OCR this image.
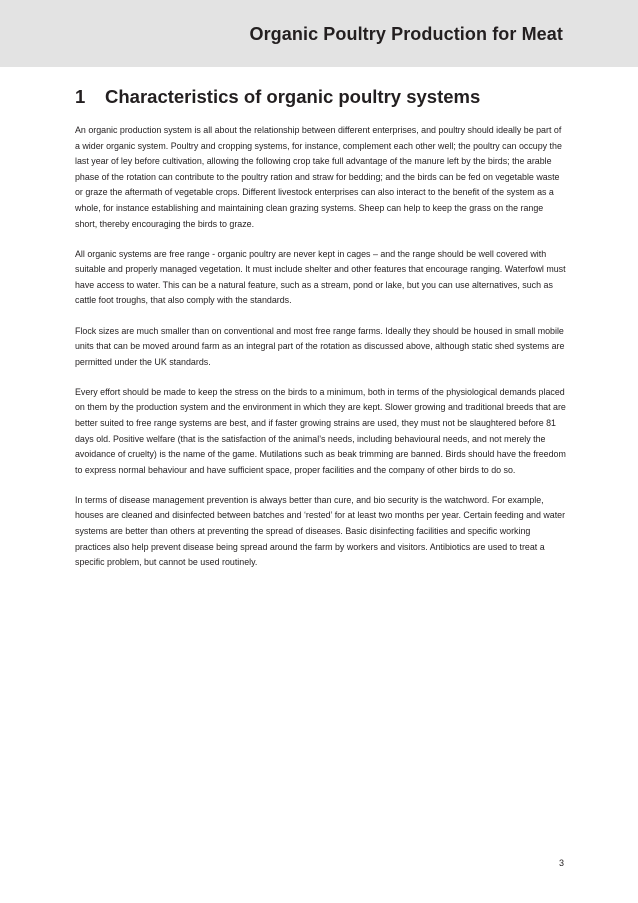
Organic Poultry Production for Meat
1 Characteristics of organic poultry systems

An organic production system is all about the relationship between different enterprises, and poultry should ideally be part of a wider organic system. Poultry and cropping systems, for instance, complement each other well; the poultry can occupy the last year of ley before cultivation, allowing the following crop take full advantage of the manure left by the birds; the arable phase of the rotation can contribute to the poultry ration and straw for bedding; and the birds can be fed on vegetable waste or graze the aftermath of vegetable crops. Different livestock enterprises can also interact to the benefit of the system as a whole, for instance establishing and maintaining clean grazing systems. Sheep can help to keep the grass on the range short, thereby encouraging the birds to graze.

All organic systems are free range - organic poultry are never kept in cages – and the range should be well covered with suitable and properly managed vegetation. It must include shelter and other features that encourage ranging. Waterfowl must have access to water. This can be a natural feature, such as a stream, pond or lake, but you can use alternatives, such as cattle foot troughs, that also comply with the standards.

Flock sizes are much smaller than on conventional and most free range farms. Ideally they should be housed in small mobile units that can be moved around farm as an integral part of the rotation as discussed above, although static shed systems are permitted under the UK standards.

Every effort should be made to keep the stress on the birds to a minimum, both in terms of the physiological demands placed on them by the production system and the environment in which they are kept. Slower growing and traditional breeds that are better suited to free range systems are best, and if faster growing strains are used, they must not be slaughtered before 81 days old. Positive welfare (that is the satisfaction of the animal’s needs, including behavioural needs, and not merely the avoidance of cruelty) is the name of the game. Mutilations such as beak trimming are banned. Birds should have the freedom to express normal behaviour and have sufficient space, proper facilities and the company of other birds to do so.

In terms of disease management prevention is always better than cure, and bio security is the watchword. For example, houses are cleaned and disinfected between batches and ‘rested’ for at least two months per year. Certain feeding and water systems are better than others at preventing the spread of diseases. Basic disinfecting facilities and specific working practices also help prevent disease being spread around the farm by workers and visitors. Antibiotics are used to treat a specific problem, but cannot be used routinely.

3
